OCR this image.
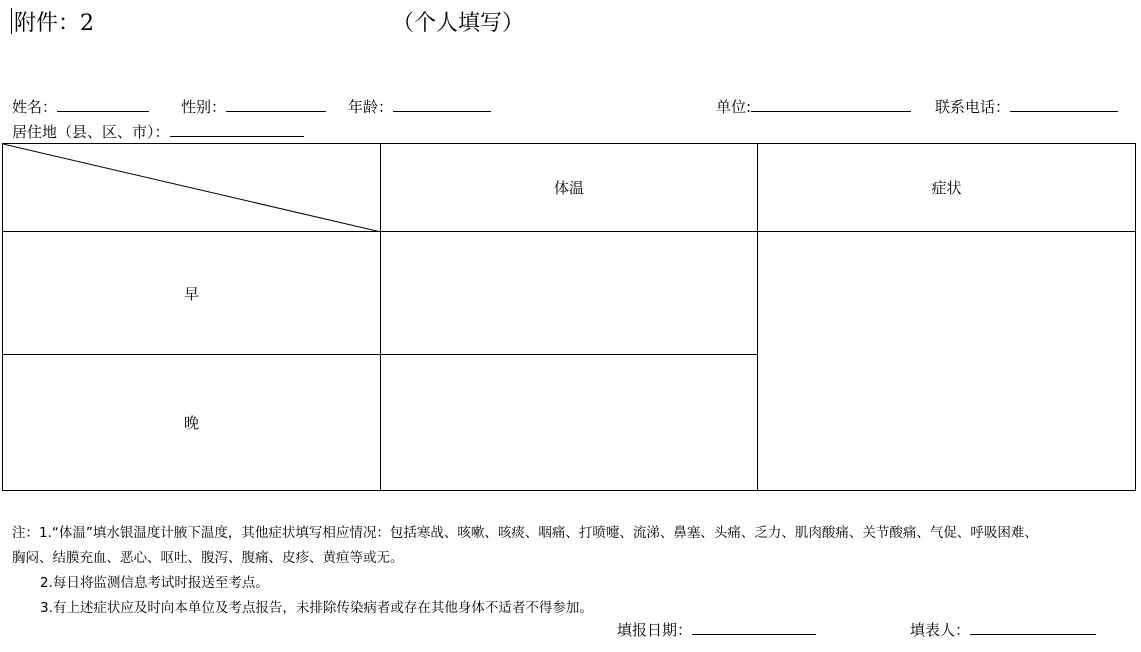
附件：2	（个人填写）
姓名：	性别：	年龄：	单位:	联系电话：
居住地（县、区、市）：
	体温	症状
早		
晚		
注：1.“体温”填水银温度计腋下温度，其他症状填写相应情况：包括寒战、咳嗽、咳痰、咽痛、打喷嚏、流涕、鼻塞、头痛、乏力、肌肉酸痛、关节酸痛、气促、呼吸困难、
胸闷、结膜充血、恶心、呕吐、腹泻、腹痛、皮疹、黄疸等或无。
2.每日将监测信息考试时报送至考点。
3.有上述症状应及时向本单位及考点报告，未排除传染病者或存在其他身体不适者不得参加。
填报日期：	填表人：
